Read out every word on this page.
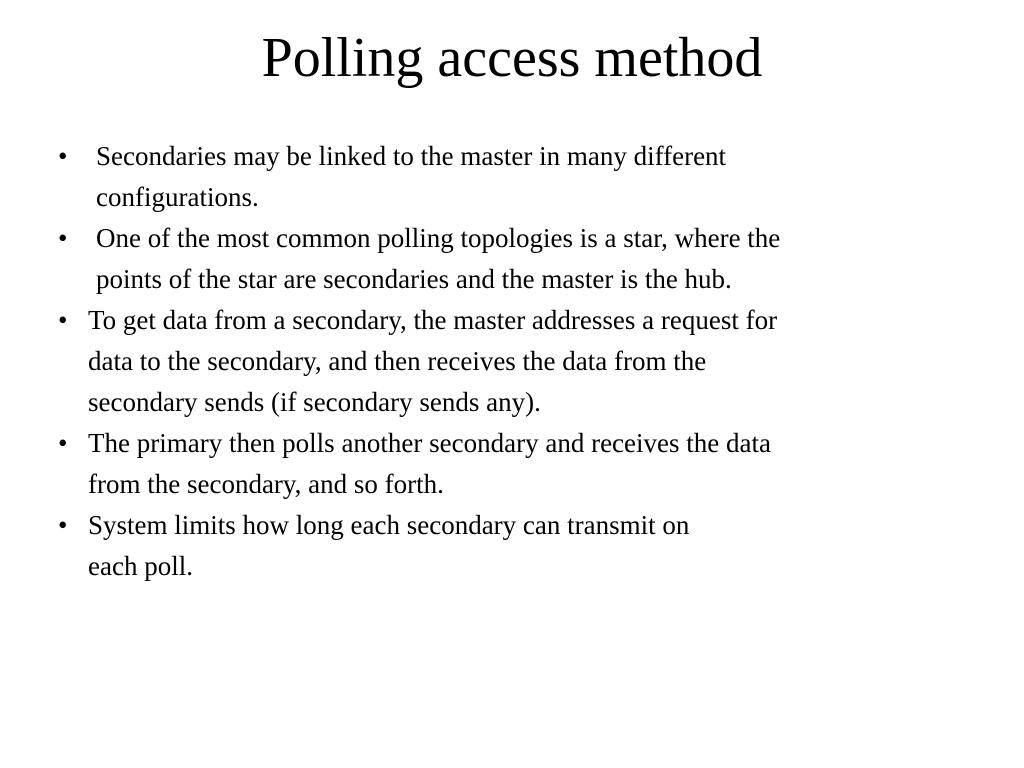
Polling access method
• Secondaries may be linked to the master in many different
configurations.
• One of the most common polling topologies is a star, where the
points of the star are secondaries and the master is the hub.
• To get data from a secondary, the master addresses a request for
data to the secondary, and then receives the data from the
secondary sends (if secondary sends any).
• The primary then polls another secondary and receives the data
from the secondary, and so forth.
• System limits how long each secondary can transmit on
each poll.
